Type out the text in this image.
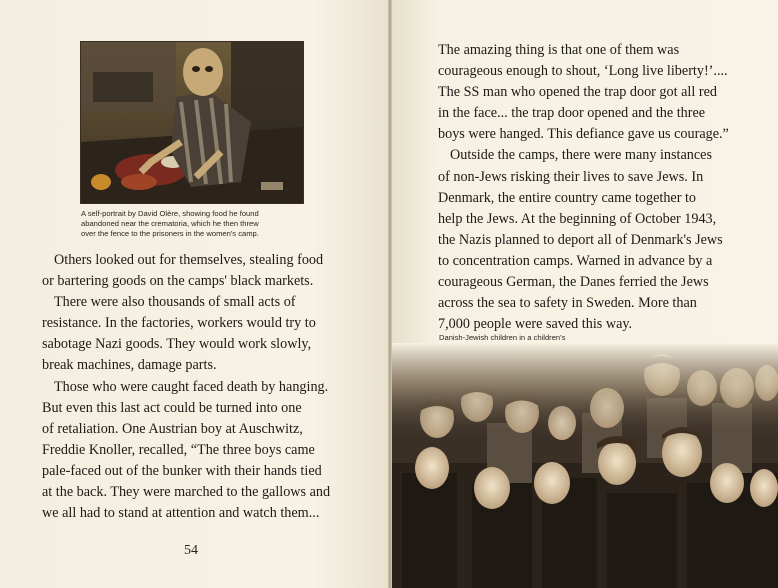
A self-portrait by David Olère, showing food he found
abandoned near the crematoria, which he then threw
over the fence to the prisoners in the women's camp.
Others looked out for themselves, stealing food
or bartering goods on the camps' black markets.
There were also thousands of small acts of
resistance. In the factories, workers would try to
sabotage Nazi goods. They would work slowly,
break machines, damage parts.
Those who were caught faced death by hanging.
But even this last act could be turned into one
of retaliation. One Austrian boy at Auschwitz,
Freddie Knoller, recalled, “The three boys came
pale-faced out of the bunker with their hands tied
at the back. They were marched to the gallows and
we all had to stand at attention and watch them...
54
The amazing thing is that one of them was
courageous enough to shout, ‘Long live liberty!’....
The SS man who opened the trap door got all red
in the face... the trap door opened and the three
boys were hanged. This defiance gave us courage.”
Outside the camps, there were many instances
of non-Jews risking their lives to save Jews. In
Denmark, the entire country came together to
help the Jews. At the beginning of October 1943,
the Nazis planned to deport all of Denmark's Jews
to concentration camps. Warned in advance by a
courageous German, the Danes ferried the Jews
across the sea to safety in Sweden. More than
7,000 people were saved this way.
Danish-Jewish children in a children's
